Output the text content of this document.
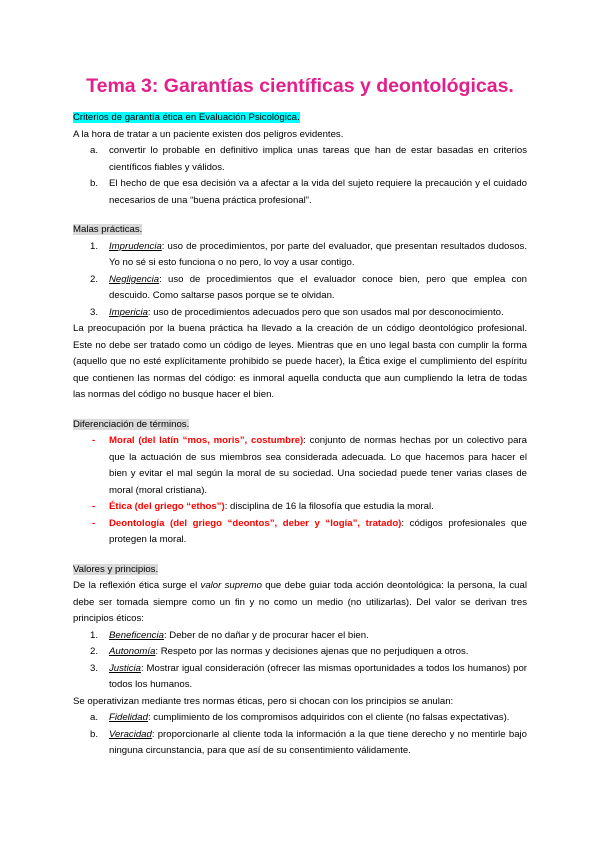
Tema 3: Garantías científicas y deontológicas.
Criterios de garantía ética en Evaluación Psicológica.

A la hora de tratar a un paciente existen dos peligros evidentes.

a. convertir lo probable en definitivo implica unas tareas que han de estar basadas en criterios científicos fiables y válidos.
b. El hecho de que esa decisión va a afectar a la vida del sujeto requiere la precaución y el cuidado necesarios de una “buena práctica profesional”.
Malas prácticas.
1. Imprudencia: uso de procedimientos, por parte del evaluador, que presentan resultados dudosos. Yo no sé si esto funciona o no pero, lo voy a usar contigo.
2. Negligencia: uso de procedimientos que el evaluador conoce bien, pero que emplea con descuido. Como saltarse pasos porque se te olvidan.
3. Impericia: uso de procedimientos adecuados pero que son usados mal por desconocimiento.

La preocupación por la buena práctica ha llevado a la creación de un código deontológico profesional. Este no debe ser tratado como un código de leyes. Mientras que en uno legal basta con cumplir la forma (aquello que no esté explícitamente prohibido se puede hacer), la Ética exige el cumplimiento del espíritu que contienen las normas del código: es inmoral aquella conducta que aun cumpliendo la letra de todas las normas del código no busque hacer el bien.

Diferenciación de términos.
- Moral (del latín “mos, moris”, costumbre): conjunto de normas hechas por un colectivo para que la actuación de sus miembros sea considerada adecuada. Lo que hacemos para hacer el bien y evitar el mal según la moral de su sociedad. Una sociedad puede tener varias clases de moral (moral cristiana).
- Ética (del griego “ethos”): disciplina de 16 la filosofía que estudia la moral.
- Deontología (del griego “deontos”, deber y “logía”, tratado): códigos profesionales que protegen la moral.
Valores y principios.

De la reflexión ética surge el valor supremo que debe guiar toda acción deontológica: la persona, la cual debe ser tomada siempre como un fin y no como un medio (no utilizarlas). Del valor se derivan tres principios éticos:

1. Beneficencia: Deber de no dañar y de procurar hacer el bien.
2. Autonomía: Respeto por las normas y decisiones ajenas que no perjudiquen a otros.
3. Justicia: Mostrar igual consideración (ofrecer las mismas oportunidades a todos los humanos) por todos los humanos.

Se operativizan mediante tres normas éticas, pero si chocan con los principios se anulan:

a. Fidelidad: cumplimiento de los compromisos adquiridos con el cliente (no falsas expectativas).
b. Veracidad: proporcionarle al cliente toda la información a la que tiene derecho y no mentirle bajo ninguna circunstancia, para que así de su consentimiento válidamente.
